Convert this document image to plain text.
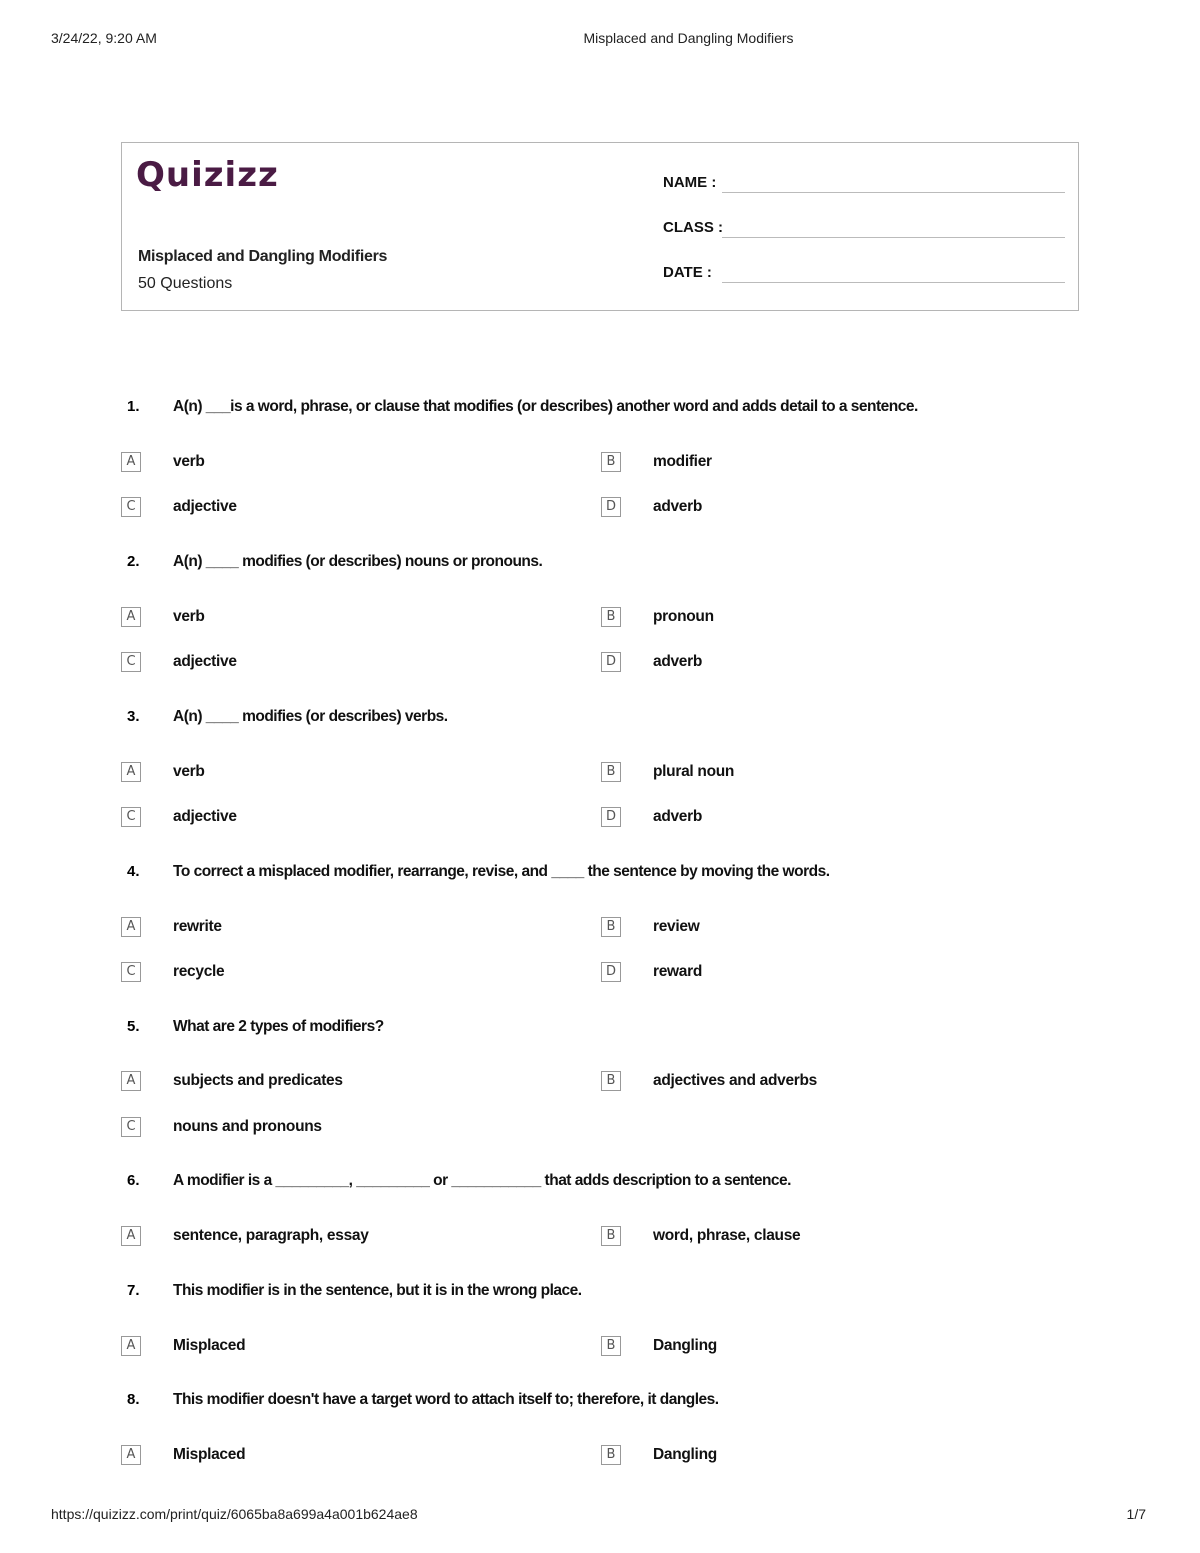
3/24/22, 9:20 AM	Misplaced and Dangling Modifiers
Quizizz
Misplaced and Dangling Modifiers
50 Questions
NAME :
CLASS :
DATE :
1. A(n) ___is a word, phrase, or clause that modifies (or describes) another word and adds detail to a sentence.
A	verb	B	modifier
C	adjective	D	adverb
2. A(n) ____ modifies (or describes) nouns or pronouns.
A	verb	B	pronoun
C	adjective	D	adverb
3. A(n) ____ modifies (or describes) verbs.
A	verb	B	plural noun
C	adjective	D	adverb
4. To correct a misplaced modifier, rearrange, revise, and ____ the sentence by moving the words.
A	rewrite	B	review
C	recycle	D	reward
5. What are 2 types of modifiers?
A	subjects and predicates	B	adjectives and adverbs
C	nouns and pronouns
6. A modifier is a _________, _________ or ___________ that adds description to a sentence.
A	sentence, paragraph, essay	B	word, phrase, clause
7. This modifier is in the sentence, but it is in the wrong place.
A	Misplaced	B	Dangling
8. This modifier doesn't have a target word to attach itself to; therefore, it dangles.
A	Misplaced	B	Dangling
https://quizizz.com/print/quiz/6065ba8a699a4a001b624ae8	1/7
